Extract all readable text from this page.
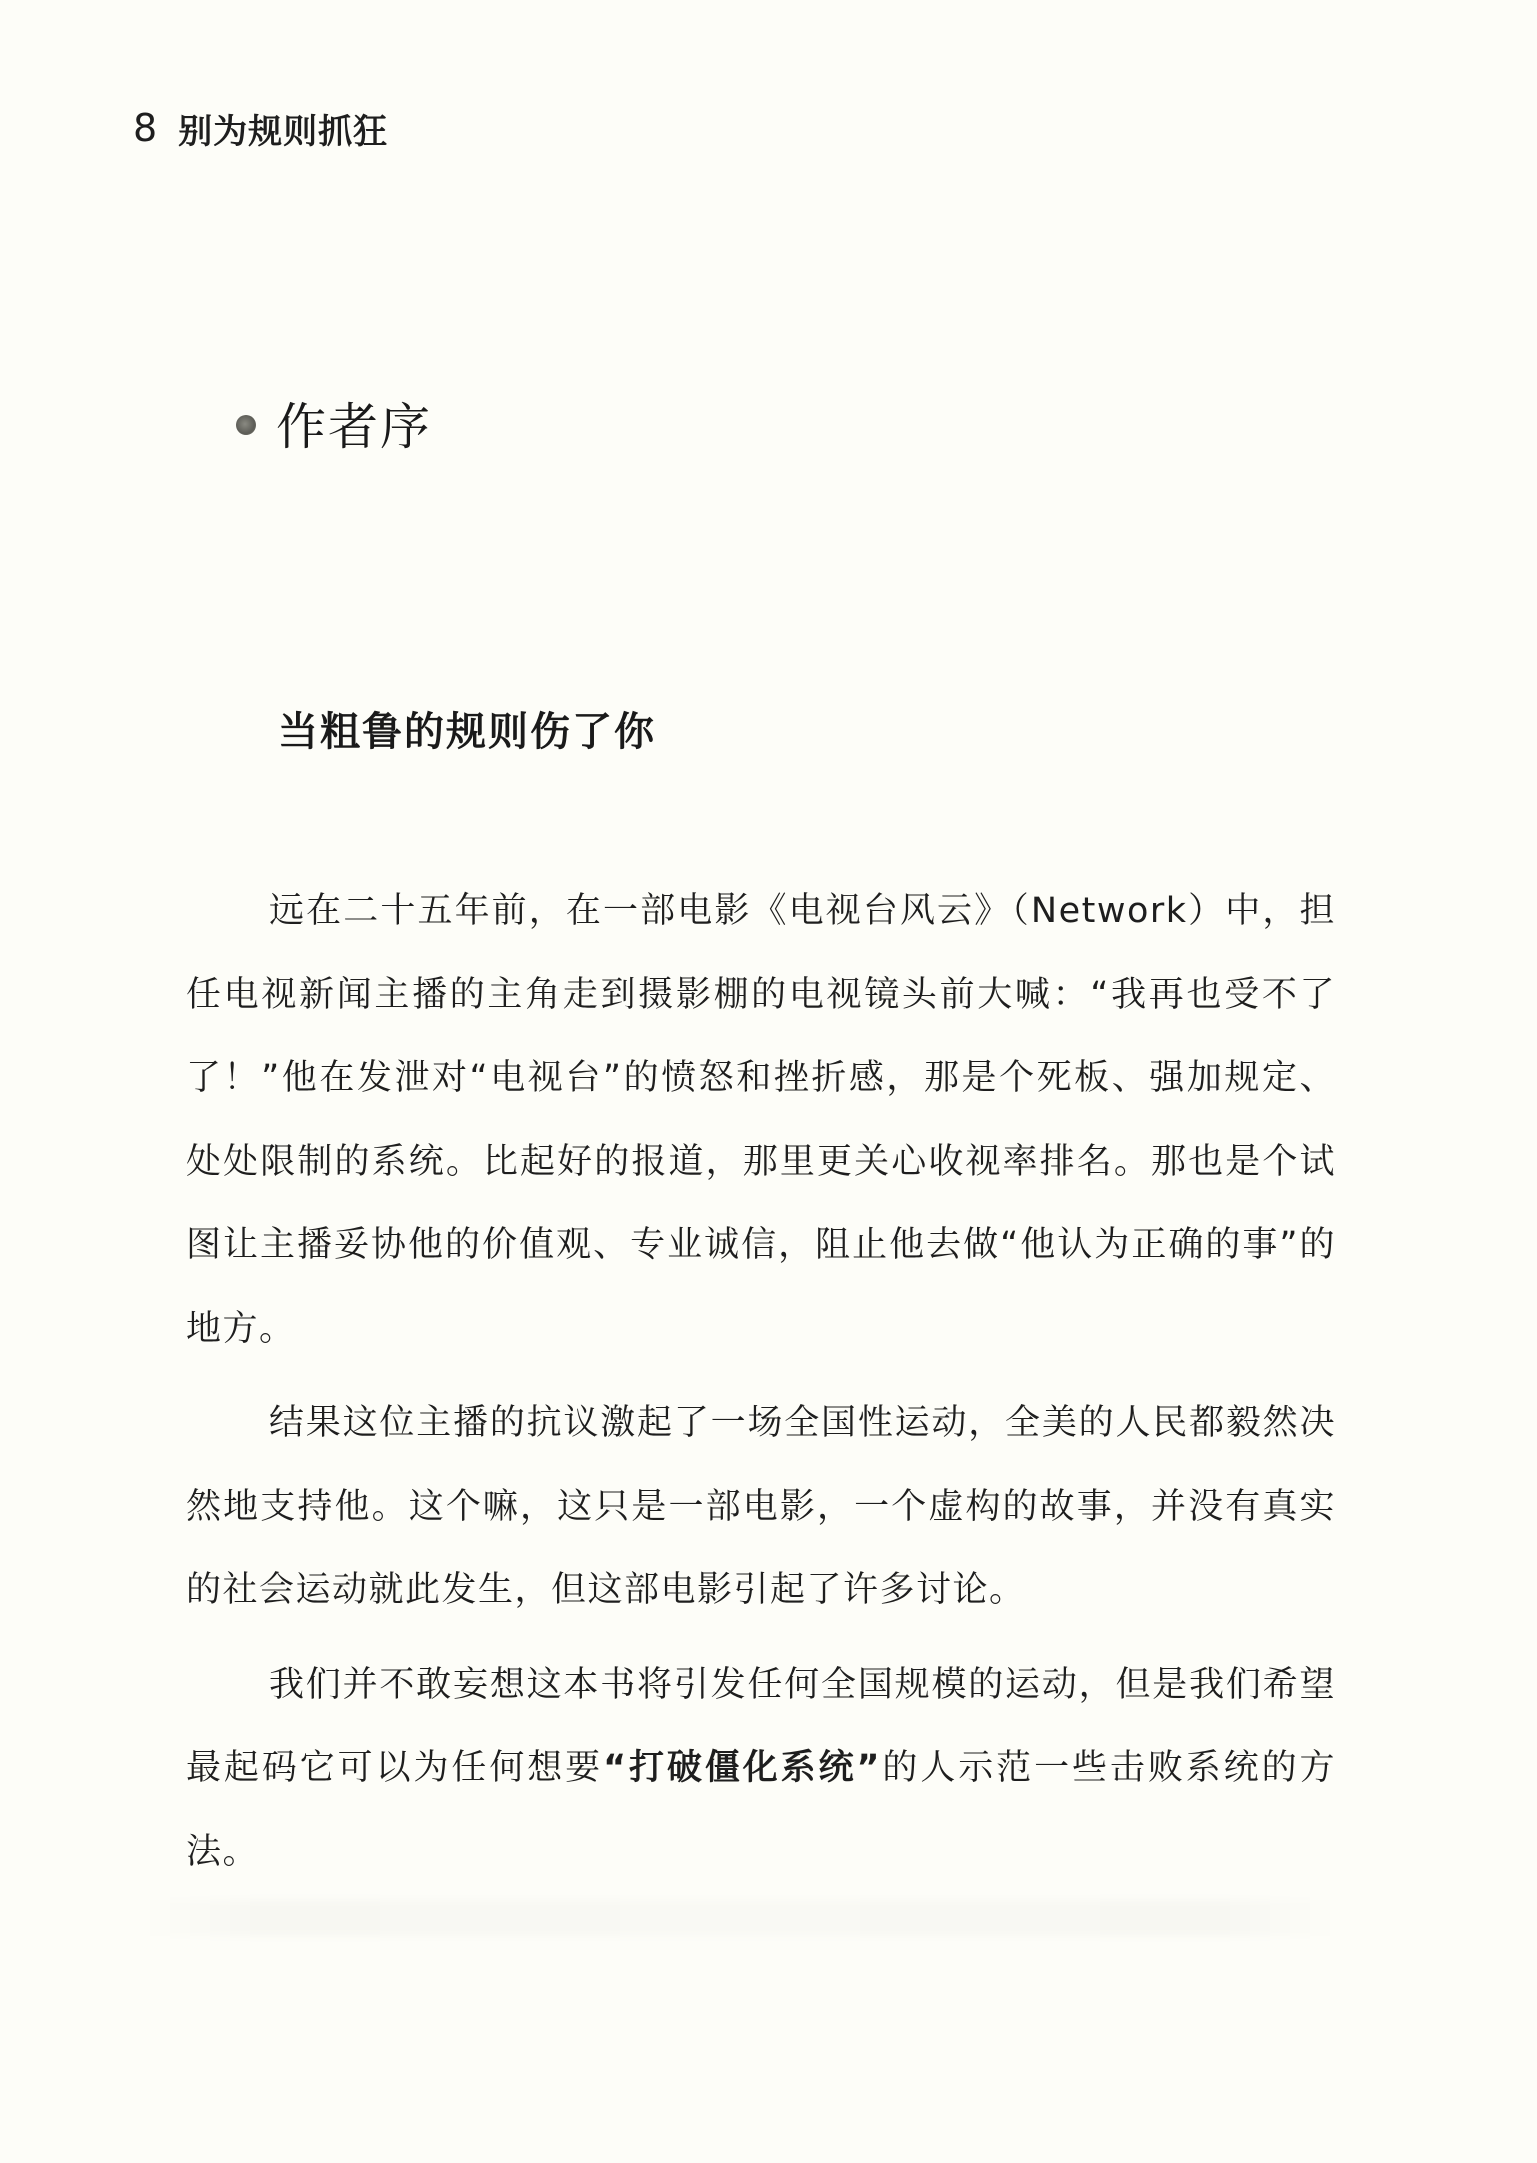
8 别为规则抓狂
作者序
当粗鲁的规则伤了你

远在二十五年前，在一部电影《电视台风云》（Network）中，担任电视新闻主播的主角走到摄影棚的电视镜头前大喊：“我再也受不了了！”他在发泄对“电视台”的愤怒和挫折感，那是个死板、强加规定、处处限制的系统。比起好的报道，那里更关心收视率排名。那也是个试图让主播妥协他的价值观、专业诚信，阻止他去做“他认为正确的事”的地方。

结果这位主播的抗议激起了一场全国性运动，全美的人民都毅然决然地支持他。这个嘛，这只是一部电影，一个虚构的故事，并没有真实的社会运动就此发生，但这部电影引起了许多讨论。

我们并不敢妄想这本书将引发任何全国规模的运动，但是我们希望最起码它可以为任何想要“打破僵化系统”的人示范一些击败系统的方法。
